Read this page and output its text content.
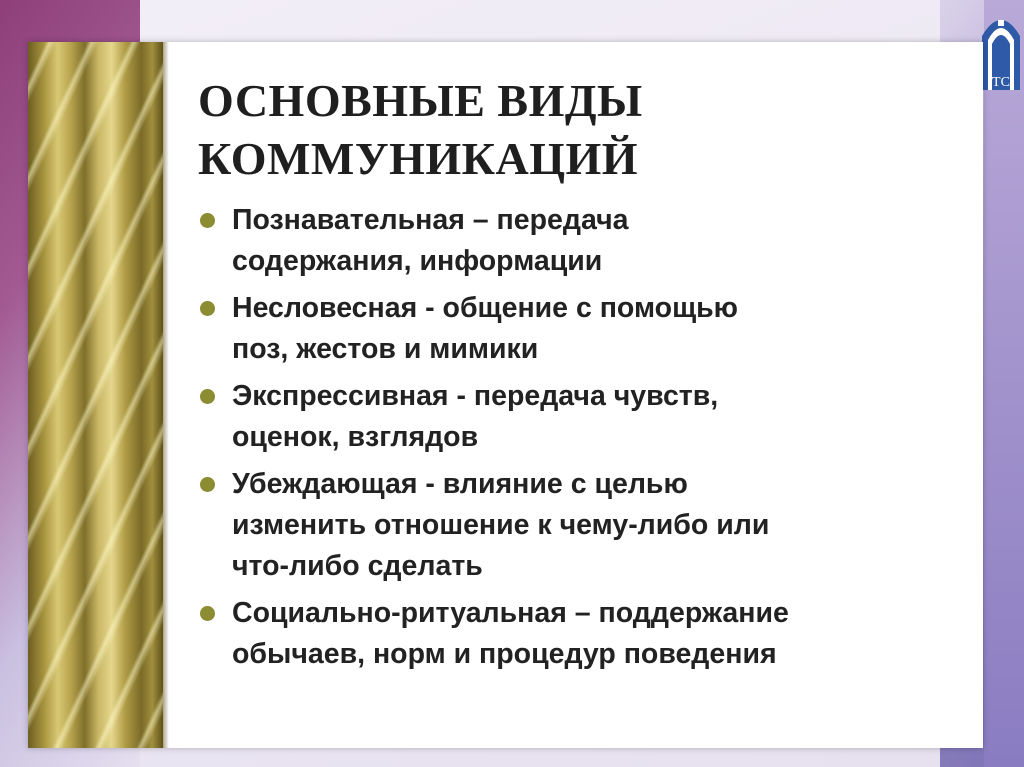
ТС
ОСНОВНЫЕ ВИДЫ
КОММУНИКАЦИЙ
Познавательная – передача
содержания, информации
Несловесная - общение с помощью
поз, жестов и мимики
Экспрессивная - передача чувств,
оценок, взглядов
Убеждающая - влияние с целью
изменить отношение к чему-либо или
что-либо сделать
Социально-ритуальная – поддержание
обычаев, норм и процедур поведения
